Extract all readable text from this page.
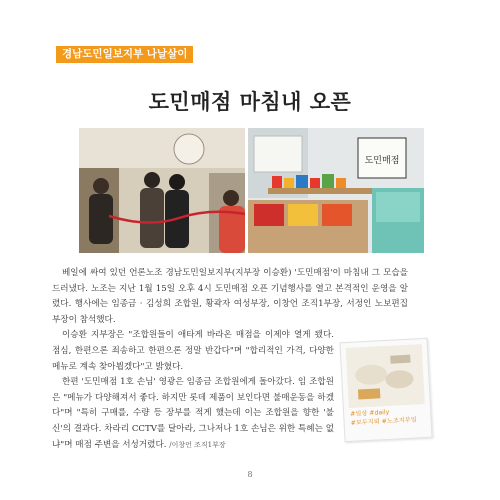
경남도민일보지부 나날살이
도민매점 마침내 오픈
도민매점

베일에 싸여 있던 언론노조 경남도민일보지부(지부장 이승환) '도민매점'이 마침내 그 모습을 드러냈다. 노조는 지난 1월 15일 오후 4시 도민매점 오픈 기념행사를 열고 본격적인 운영을 알렸다. 행사에는 임종금 · 김성희 조합원, 황곽자 여성부장, 이창언 조직1부장, 서정인 노보편집부장이 참석했다.

이승환 지부장은 "조합원들이 애타게 바라온 매점을 이제야 열게 됐다. 점심, 한편으론 죄송하고 한편으론 정말 반갑다"며 "합리적인 가격, 다양한 메뉴로 계속 찾아뵙겠다"고 밝혔다.

한편 '도민매점 1호 손님' 영광은 임종금 조합원에게 돌아갔다. 임 조합원은 "메뉴가 다양해져서 좋다. 하지만 롯데 제품이 보인다면 불매운동을 하겠다"며 "특히 구매를, 수량 등 장부를 적게 했는데 이는 조합원을 향한 '불신'의 결과다. 차라리 CCTV를 달아라, 그나저나 1호 손님은 위한 특혜는 없냐"며 매점 주변을 서성거렸다. /이창언 조직1부장

#일상 #daily
#모두지뢰 #노조지부일
8
